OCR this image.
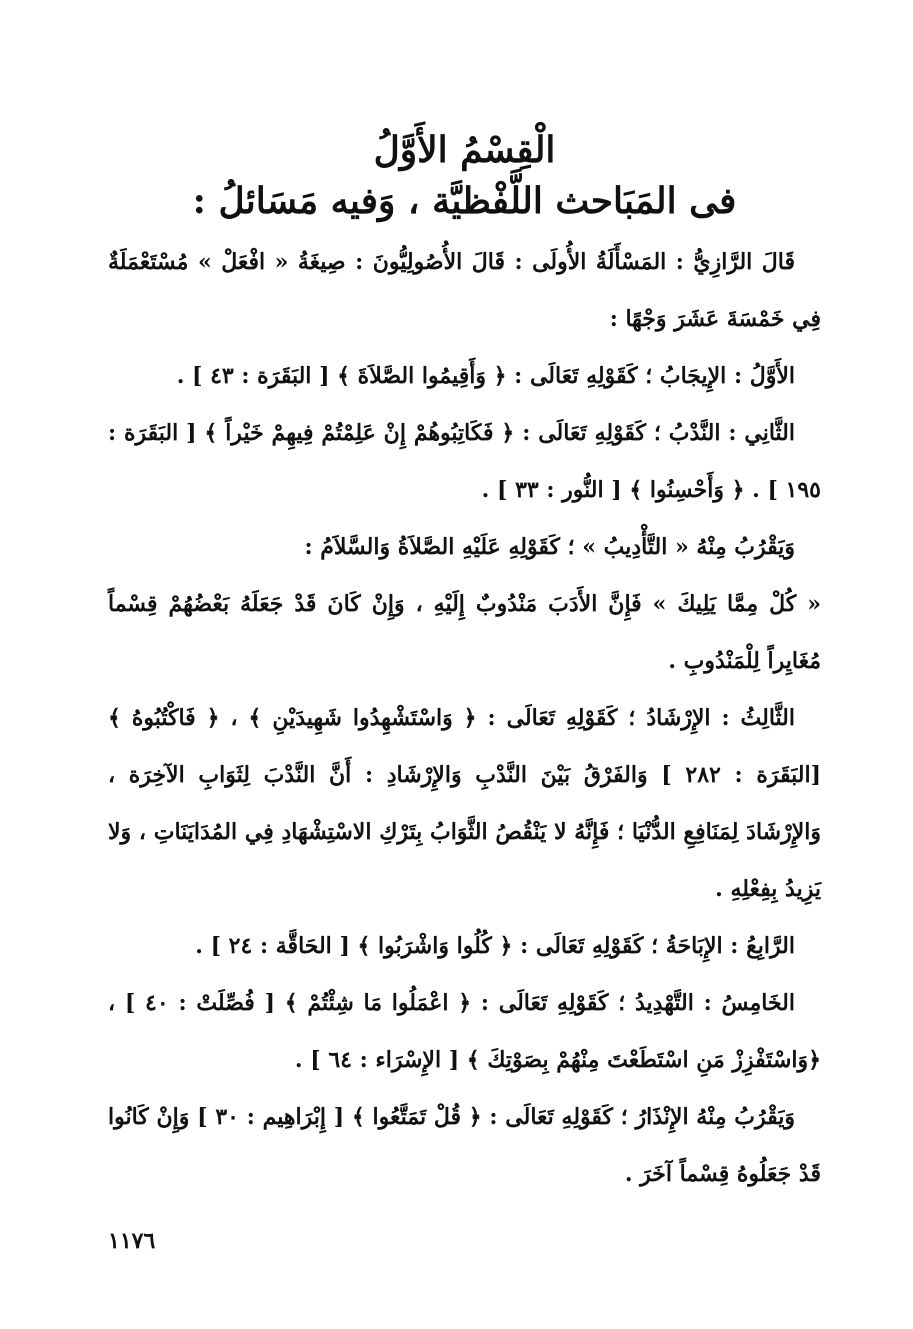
الْقِسْمُ الأَوَّلُ
فى المَبَاحث اللَّفْظيَّة ، وَفيه مَسَائلُ :

قَالَ الرَّازِيُّ : المَسْأَلَةُ الأُولَى : قَالَ الأُصُولِيُّونَ : صِيغَةُ « افْعَلْ » مُسْتَعْمَلَةٌ فِي خَمْسَةَ عَشَرَ وَجْهًا :

الأَوَّلُ : الإِيجَابُ ؛ كَقَوْلِهِ تَعَالَى : ﴿ وَأَقِيمُوا الصَّلاَةَ ﴾ [ البَقَرَة : ٤٣ ] .

الثَّانِي : النَّدْبُ ؛ كَقَوْلِهِ تَعَالَى : ﴿ فَكَاتِبُوهُمْ إِنْ عَلِمْتُمْ فِيهِمْ خَيْراً ﴾ [ البَقَرَة : ١٩٥ ] . ﴿ وَأَحْسِنُوا ﴾ [ النُّور : ٣٣ ] .

وَيَقْرُبُ مِنْهُ « التَّأْدِيبُ » ؛ كَقَوْلِهِ عَلَيْهِ الصَّلاَةُ وَالسَّلاَمُ :

« كُلْ مِمَّا يَلِيكَ » فَإِنَّ الأَدَبَ مَنْدُوبٌ إِلَيْهِ ، وَإِنْ كَانَ قَدْ جَعَلَهُ بَعْضُهُمْ قِسْماً مُغَايِراً لِلْمَنْدُوبِ .

الثَّالِثُ : الإِرْشَادُ ؛ كَقَوْلِهِ تَعَالَى : ﴿ وَاسْتَشْهِدُوا شَهِيدَيْنِ ﴾ ، ﴿ فَاكْتُبُوهُ ﴾ [البَقَرَة : ٢٨٢ ] وَالفَرْقُ بَيْنَ النَّدْبِ وَالإِرْشَادِ : أَنَّ النَّدْبَ لِثَوَابِ الآخِرَة ، وَالإِرْشَادَ لِمَنَافِعِ الدُّنْيَا ؛ فَإِنَّهُ لا يَنْقُصُ الثَّوَابُ بِتَرْكِ الاسْتِشْهَادِ فِي المُدَايَنَاتِ ، وَلا يَزِيدُ بِفِعْلِهِ .

الرَّابِعُ : الإِبَاحَةُ ؛ كَقَوْلِهِ تَعَالَى : ﴿ كُلُوا وَاشْرَبُوا ﴾ [ الحَاقَّة : ٢٤ ] .

الخَامِسُ : التَّهْدِيدُ ؛ كَقَوْلِهِ تَعَالَى : ﴿ اعْمَلُوا مَا شِئْتُمْ ﴾ [ فُصِّلَتْ : ٤٠ ] ، ﴿وَاسْتَفْزِزْ مَنِ اسْتَطَعْتَ مِنْهُمْ بِصَوْتِكَ ﴾ [ الإِسْرَاء : ٦٤ ] .

وَيَقْرُبُ مِنْهُ الإِنْذَارُ ؛ كَقَوْلِهِ تَعَالَى : ﴿ قُلْ تَمَتَّعُوا ﴾ [ إِبْرَاهِيم : ٣٠ ] وَإِنْ كَانُوا قَدْ جَعَلُوهُ قِسْماً آخَرَ .

١١٧٦
